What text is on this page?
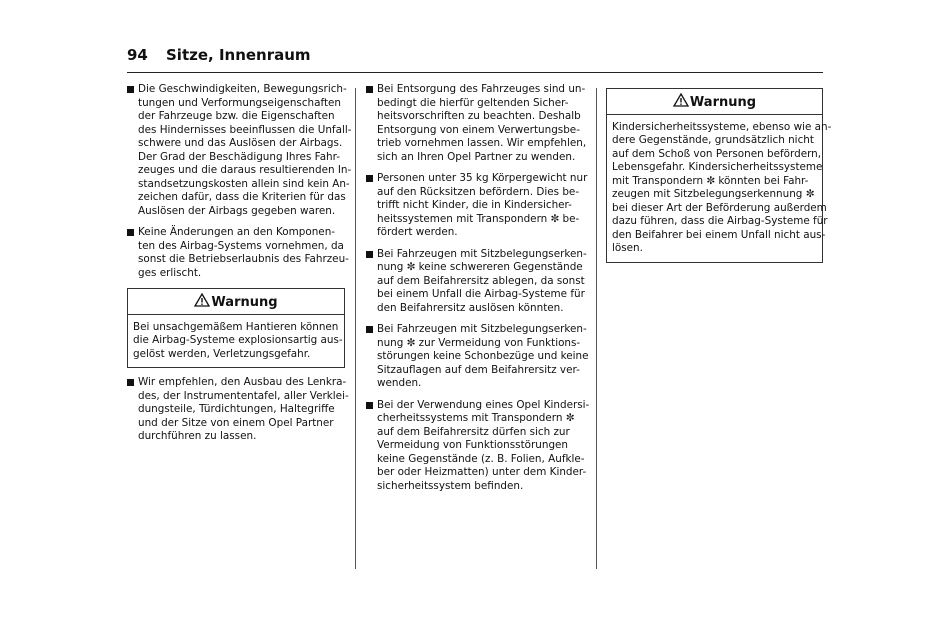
94 Sitze, Innenraum
Die Geschwindigkeiten, Bewegungsrich-
tungen und Verformungseigenschaften
der Fahrzeuge bzw. die Eigenschaften
des Hindernisses beeinflussen die Unfall-
schwere und das Auslösen der Airbags.
Der Grad der Beschädigung Ihres Fahr-
zeuges und die daraus resultierenden In-
standsetzungskosten allein sind kein An-
zeichen dafür, dass die Kriterien für das
Auslösen der Airbags gegeben waren.
Keine Änderungen an den Komponen-
ten des Airbag-Systems vornehmen, da
sonst die Betriebserlaubnis des Fahrzeu-
ges erlischt.
Warnung
Bei unsachgemäßem Hantieren können
die Airbag-Systeme explosionsartig aus-
gelöst werden, Verletzungsgefahr.
Wir empfehlen, den Ausbau des Lenkra-
des, der Instrumententafel, aller Verklei-
dungsteile, Türdichtungen, Haltegriffe
und der Sitze von einem Opel Partner
durchführen zu lassen.
Bei Entsorgung des Fahrzeuges sind un-
bedingt die hierfür geltenden Sicher-
heitsvorschriften zu beachten. Deshalb
Entsorgung von einem Verwertungsbe-
trieb vornehmen lassen. Wir empfehlen,
sich an Ihren Opel Partner zu wenden.
Personen unter 35 kg Körpergewicht nur
auf den Rücksitzen befördern. Dies be-
trifft nicht Kinder, die in Kindersicher-
heitssystemen mit Transpondern ✼ be-
fördert werden.
Bei Fahrzeugen mit Sitzbelegungserken-
nung ✼ keine schwereren Gegenstände
auf dem Beifahrersitz ablegen, da sonst
bei einem Unfall die Airbag-Systeme für
den Beifahrersitz auslösen könnten.
Bei Fahrzeugen mit Sitzbelegungserken-
nung ✼ zur Vermeidung von Funktions-
störungen keine Schonbezüge und keine
Sitzauflagen auf dem Beifahrersitz ver-
wenden.
Bei der Verwendung eines Opel Kindersi-
cherheitssystems mit Transpondern ✼
auf dem Beifahrersitz dürfen sich zur
Vermeidung von Funktionsstörungen
keine Gegenstände (z. B. Folien, Aufkle-
ber oder Heizmatten) unter dem Kinder-
sicherheitssystem befinden.
Warnung
Kindersicherheitssysteme, ebenso wie an-
dere Gegenstände, grundsätzlich nicht
auf dem Schoß von Personen befördern,
Lebensgefahr. Kindersicherheitssysteme
mit Transpondern ✼ könnten bei Fahr-
zeugen mit Sitzbelegungserkennung ✼
bei dieser Art der Beförderung außerdem
dazu führen, dass die Airbag-Systeme für
den Beifahrer bei einem Unfall nicht aus-
lösen.
